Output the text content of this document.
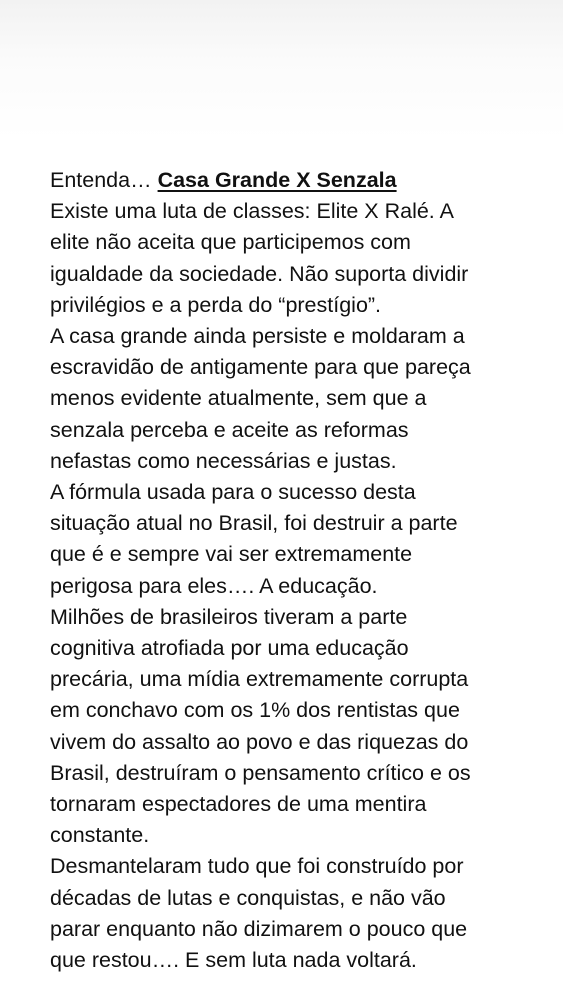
Entenda… Casa Grande X Senzala
Existe uma luta de classes: Elite X Ralé. A
elite não aceita que participemos com
igualdade da sociedade. Não suporta dividir
privilégios e a perda do “prestígio”.
A casa grande ainda persiste e moldaram a
escravidão de antigamente para que pareça
menos evidente atualmente, sem que a
senzala perceba e aceite as reformas
nefastas como necessárias e justas.
A fórmula usada para o sucesso desta
situação atual no Brasil, foi destruir a parte
que é e sempre vai ser extremamente
perigosa para eles…. A educação.
Milhões de brasileiros tiveram a parte
cognitiva atrofiada por uma educação
precária, uma mídia extremamente corrupta
em conchavo com os 1% dos rentistas que
vivem do assalto ao povo e das riquezas do
Brasil, destruíram o pensamento crítico e os
tornaram espectadores de uma mentira
constante.
Desmantelaram tudo que foi construído por
décadas de lutas e conquistas, e não vão
parar enquanto não dizimarem o pouco que
que restou…. E sem luta nada voltará.
